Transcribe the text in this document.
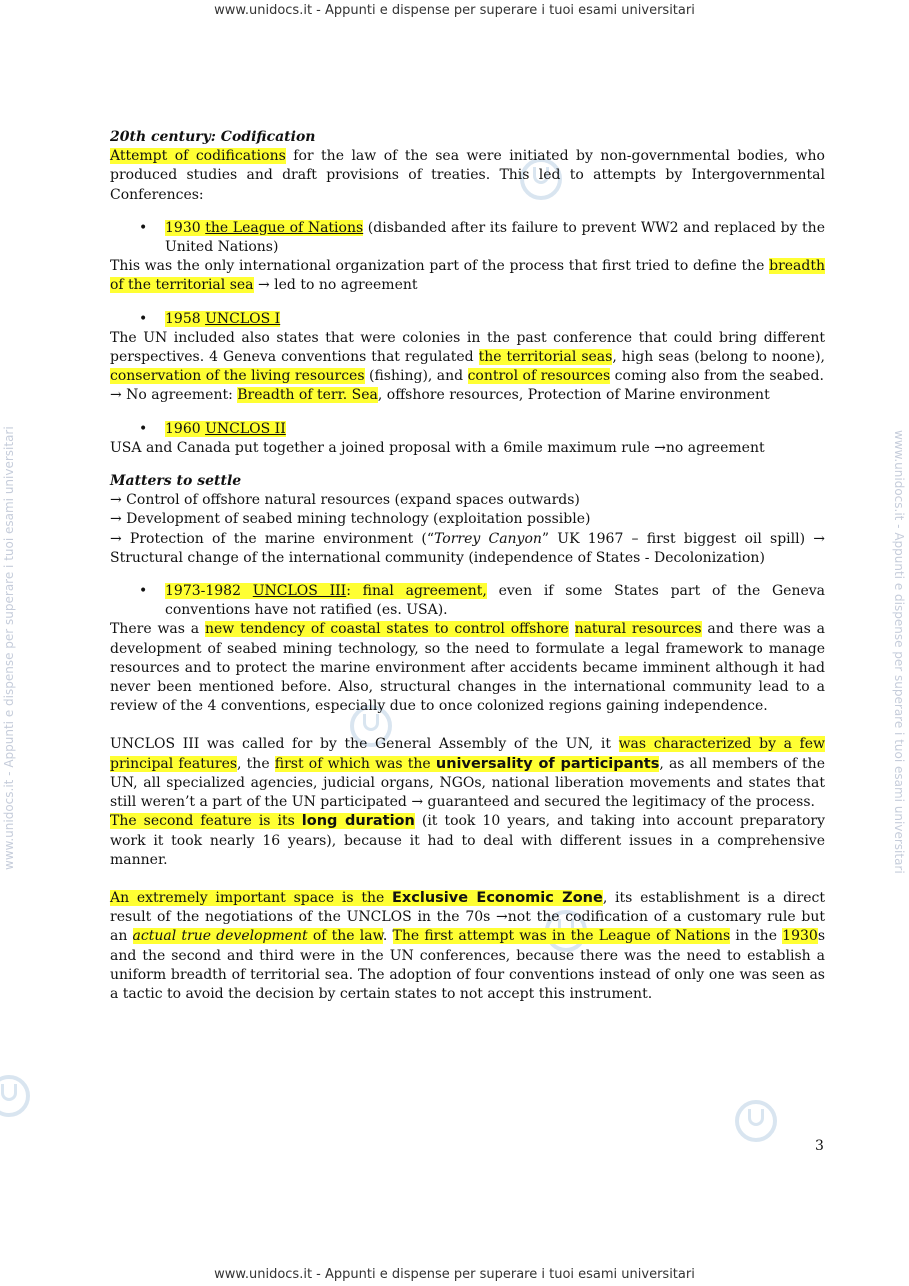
www.unidocs.it - Appunti e dispense per superare i tuoi esami universitari
www.unidocs.it - Appunti e dispense per superare i tuoi esami universitari
www.unidocs.it - Appunti e dispense per superare i tuoi esami universitari	www.unidocs.it - Appunti e dispense per superare i tuoi esami universitari

20th century: Codification

Attempt of codifications for the law of the sea were initiated by non-governmental bodies, who produced studies and draft provisions of treaties. This led to attempts by Intergovernmental Conferences:

• 1930 the League of Nations (disbanded after its failure to prevent WW2 and replaced by the United Nations)

This was the only international organization part of the process that first tried to define the breadth of the territorial sea → led to no agreement

• 1958 UNCLOS I

The UN included also states that were colonies in the past conference that could bring different perspectives. 4 Geneva conventions that regulated the territorial seas, high seas (belong to noone), conservation of the living resources (fishing), and control of resources coming also from the seabed.

→ No agreement: Breadth of terr. Sea, offshore resources, Protection of Marine environment

• 1960 UNCLOS II

USA and Canada put together a joined proposal with a 6mile maximum rule →no agreement

Matters to settle

→ Control of offshore natural resources (expand spaces outwards)

→ Development of seabed mining technology (exploitation possible)

→ Protection of the marine environment (“Torrey Canyon” UK 1967 – first biggest oil spill) → Structural change of the international community (independence of States - Decolonization)

• 1973-1982 UNCLOS III: final agreement, even if some States part of the Geneva conventions have not ratified (es. USA).

There was a new tendency of coastal states to control offshore natural resources and there was a development of seabed mining technology, so the need to formulate a legal framework to manage resources and to protect the marine environment after accidents became imminent although it had never been mentioned before. Also, structural changes in the international community lead to a review of the 4 conventions, especially due to once colonized regions gaining independence.

UNCLOS III was called for by the General Assembly of the UN, it was characterized by a few principal features, the first of which was the universality of participants, as all members of the UN, all specialized agencies, judicial organs, NGOs, national liberation movements and states that still weren’t a part of the UN participated → guaranteed and secured the legitimacy of the process.

The second feature is its long duration (it took 10 years, and taking into account preparatory work it took nearly 16 years), because it had to deal with different issues in a comprehensive manner.

An extremely important space is the Exclusive Economic Zone, its establishment is a direct result of the negotiations of the UNCLOS in the 70s →not the codification of a customary rule but an actual true development of the law. The first attempt was in the League of Nations in the 1930s and the second and third were in the UN conferences, because there was the need to establish a uniform breadth of territorial sea. The adoption of four conventions instead of only one was seen as a tactic to avoid the decision by certain states to not accept this instrument.

3
